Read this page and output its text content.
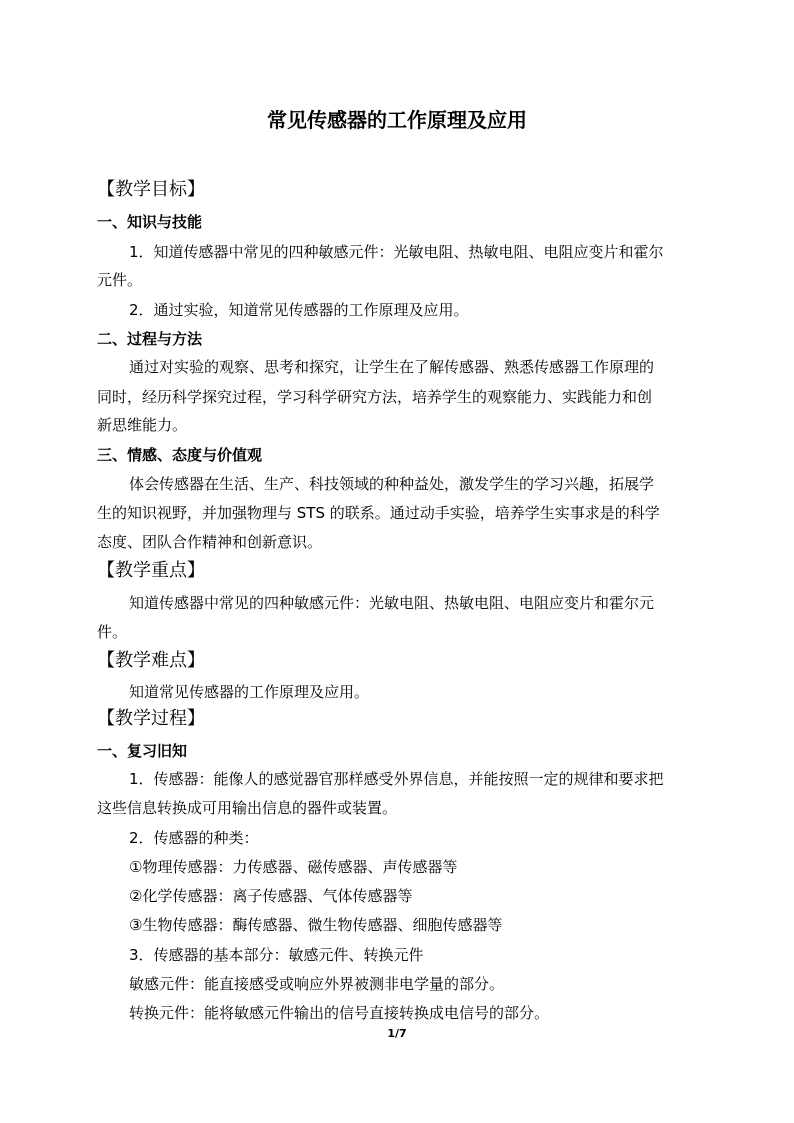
常见传感器的工作原理及应用
【教学目标】
一、知识与技能
1．知道传感器中常见的四种敏感元件：光敏电阻、热敏电阻、电阻应变片和霍尔
元件。
2．通过实验，知道常见传感器的工作原理及应用。
二、过程与方法
通过对实验的观察、思考和探究，让学生在了解传感器、熟悉传感器工作原理的
同时，经历科学探究过程，学习科学研究方法，培养学生的观察能力、实践能力和创
新思维能力。
三、情感、态度与价值观
体会传感器在生活、生产、科技领域的种种益处，激发学生的学习兴趣，拓展学
生的知识视野，并加强物理与 STS 的联系。通过动手实验，培养学生实事求是的科学
态度、团队合作精神和创新意识。
【教学重点】
知道传感器中常见的四种敏感元件：光敏电阻、热敏电阻、电阻应变片和霍尔元
件。
【教学难点】
知道常见传感器的工作原理及应用。
【教学过程】
一、复习旧知
1．传感器：能像人的感觉器官那样感受外界信息，并能按照一定的规律和要求把
这些信息转换成可用输出信息的器件或装置。
2．传感器的种类：
①物理传感器：力传感器、磁传感器、声传感器等
②化学传感器：离子传感器、气体传感器等
③生物传感器：酶传感器、微生物传感器、细胞传感器等
3．传感器的基本部分：敏感元件、转换元件
敏感元件：能直接感受或响应外界被测非电学量的部分。
转换元件：能将敏感元件输出的信号直接转换成电信号的部分。
1/7
